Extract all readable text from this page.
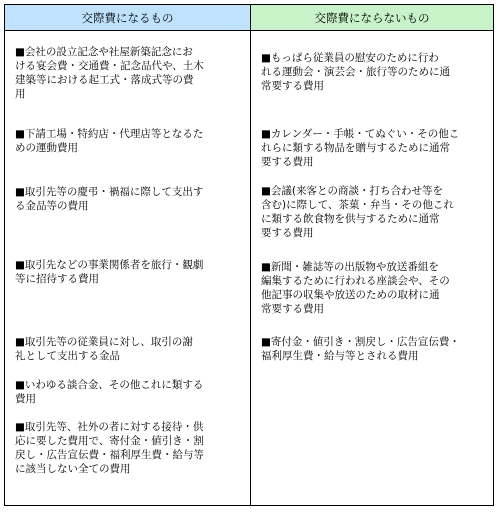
交際費になるもの	交際費にならないもの
■会社の設立記念や社屋新築記念にお
ける宴会費・交通費・記念品代や、土木
建築等における起工式・落成式等の費
用
■下請工場・特約店・代理店等となるた
めの運動費用
■取引先等の慶弔・禍福に際して支出す
る金品等の費用
■取引先などの事業関係者を旅行・観劇
等に招待する費用
■取引先等の従業員に対し、取引の謝
礼として支出する金品
■いわゆる談合金、その他これに類する
費用
■取引先等、社外の者に対する接待・供
応に要した費用で、寄付金・値引き・割
戻し・広告宣伝費・福利厚生費・給与等
に該当しない全ての費用
■もっぱら従業員の慰安のために行わ
れる運動会・演芸会・旅行等のために通
常要する費用
■カレンダー・手帳・てぬぐい・その他こ
れらに類する物品を贈与するために通常
要する費用
■会議(来客との商談・打ち合わせ等を
含む)に際して、茶菓・弁当・その他これ
に類する飲食物を供与するために通常
要する費用
■新聞・雑誌等の出版物や放送番組を
編集するために行われる座談会や、その
他記事の収集や放送のための取材に通
常要する費用
■寄付金・値引き・割戻し・広告宣伝費・
福利厚生費・給与等とされる費用
